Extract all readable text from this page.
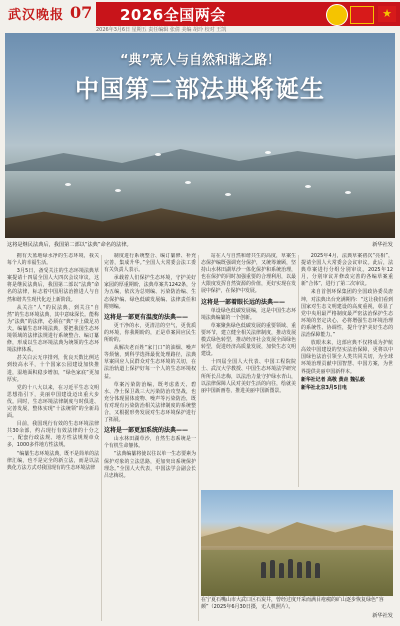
武汉晚报 07 2026全国两会	★
2026年3月6日 星期五 责任编辑 张倩 美编 胡玲 校对 王凯
“典”亮人与自然和谐之路！
中国第二部法典将诞生
这将是继民法典后，我国第二部以“法典”命名的法律。	新华社发

拥有天蓝地绿水净的生态环境，我关每个人的幸福生活。

3月5日，备受关注的生态环境法典草案提请十四届全国人大四次会议审议，这将是继民法典后，我国第二部以“法典”命名的法律，标志着中国用法治推进人与自然和谐共生现代化迈上新阶段。

从关注“人”的民法典，到关注“自然”的生态环境法典，其中意味深长。能称为“法典”的法律，必须在“典”字上做足功夫。编纂生态环境法典，要把我国生态环境领域的法律法规进行系统整合、编订纂修，形成以生态环境法典为统领的生态环境法律体系。

甚关白云无序排列，优良天数比例达到较高水平，十个国家公园建设加快推进，湿地面积稳步增加，“绿色家底”更加厚实。

党的十八大以来，在习近平生态文明思想指引下，美丽中国建设迈出重大步伐。同时，生态环境法律制度与时俱进、完善发展，整体实现“十法统领”的全新局面。

目前，我国现行有效的生态环境法律共30余部，约占现行有效法律的十分之一，配套行政法规、地方性法规规章众多，1000多件地方性法规。

“编纂生态环境法典，既不是简单的法律汇编，也不是完全的新立法，而是以法典化方法方式对我国现有的生态环境法律

制度进行系统整合、编订纂修、补充完善，集成升华。”全国人大常委会法工委有关负责人表示。

承载着人们保护生态环境，守护美好家园的厚重期盼，法典草案共1242条，分为五编，依次为总则编、污染防治编、生态保护编、绿色低碳发展编、法律责任和附则编。

这将是一部更有温度的法典——

更干净的水，更清洁的空气，更优质的环境，你我期盼的，正是草案回应民生所盼的。

从解决老百姓“家门口”的油烟、噪声等烦恼，到科学选择最优处理路径，法典草案回应人民群众对生态环境的关切，在法治轨道上保护好每一个人的生态环境权益。

草案污染防治编，既考虑蓝天、碧水、净土保卫战三大污染防治攻坚战，也充分体现固体废物、噪声等污染防治，既有对现有污染防治相关法律制度的系统整合，又根据形势发展对生态环境保护进行了拓展。

这将是一部更加系统的法典——

山水林田湖草沙，自然生态系统是一个有机生命躯体。

“法典编纂将使以往以单一生态要素为保护对象的立法思路，更加突出系统保护理念。”全国人大代表，中国法学会副会长吕忠梅说。

站在人与自然和谐共生的高度，草案生态保护编既强调充分保护，又统筹兼顾，坚持山水林田湖草沙一体化保护和系统治理，也在保护的同时加强重要的合理利用，以最大限度发挥自然资源的价值，更好实现在发展中保护，在保护中发展。

这将是一部着眼长远的法典——

单设绿色低碳发展编，这是中国生态环境法典编纂的一个创新。

草案聚焦绿色低碳发展的重要领域、重要环节，建立健全相关法律制度，推动发展模式绿色转型，推动经济社会发展全面绿色转型，促进经济高质量发展，加快生态文明建设。

十四届全国人大代表、中国工程院院士、武汉大学教授、中国生态环境法学研究所所长吕忠梅，以法治力量守护绿水青山，以法律保障人民对美好生活的向往，绘就美丽中国新画卷，推进美丽中国新图景。

2025年4月，法典草案初次“亮相”，提请全国人大常委会会议审议。此后，法典草案进行分组分别审议。2025年12月，分别审议并修改完善的各编草案重新“合体”，进行了第二次审议。

来自首创环保集团的全国政协委员唐坤，对法典出台充满期待：“这让我们看到国家对生态文明建设的高度重视，彰显了党中央用最严格制度最严密法治保护生态环境的坚定决心，必将增强生态环境治理的系统性、协调性，提升守护美好生态的法治保障能力。”

放眼未来，这部应典不仅将成为护航高效中国建设的坚实法治保障，更将以中国绿色法治引领全人类共同关切，为全球环境治理贡献中国智慧、中国方案，为世界提供美丽中国新样本。

新华社记者 高敬 黄垚 魏弘毅

新华社北京3月5日电

在宁夏石嘴山市大武口区石炭井，曾经过度开采而满目疮痍的矿山逐步恢复绿色“容颜”（2025年6月30日摄，无人机照片）。
新华社发
